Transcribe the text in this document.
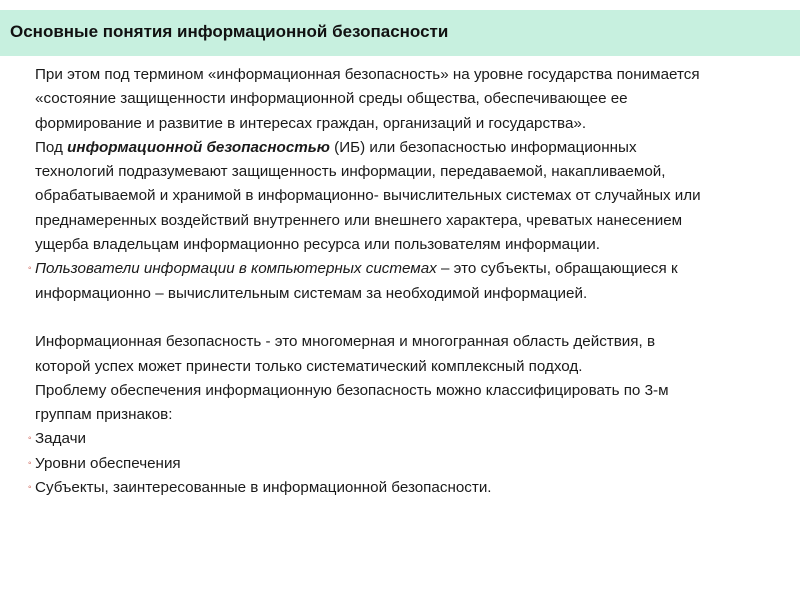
Основные понятия информационной безопасности
При этом под термином «информационная безопасность» на уровне государства понимается
«состояние защищенности информационной среды общества, обеспечивающее ее
формирование и развитие в интересах граждан, организаций и государства».
Под информационной безопасностью (ИБ) или безопасностью информационных
технологий подразумевают защищенность информации, передаваемой, накапливаемой,
обрабатываемой и хранимой в информационно- вычислительных системах от случайных или
преднамеренных воздействий внутреннего или внешнего характера, чреватых нанесением
ущерба владельцам информационно ресурса или пользователям информации.
◦ Пользователи информации в компьютерных системах – это субъекты, обращающиеся к
информационно – вычислительным системам за необходимой информацией.
Информационная безопасность - это многомерная и многогранная область действия, в
которой успех может принести только систематический комплексный подход.
Проблему обеспечения информационную безопасность можно классифицировать по 3-м
группам признаков:
◦ Задачи
◦ Уровни обеспечения
◦ Субъекты, заинтересованные в информационной безопасности.
